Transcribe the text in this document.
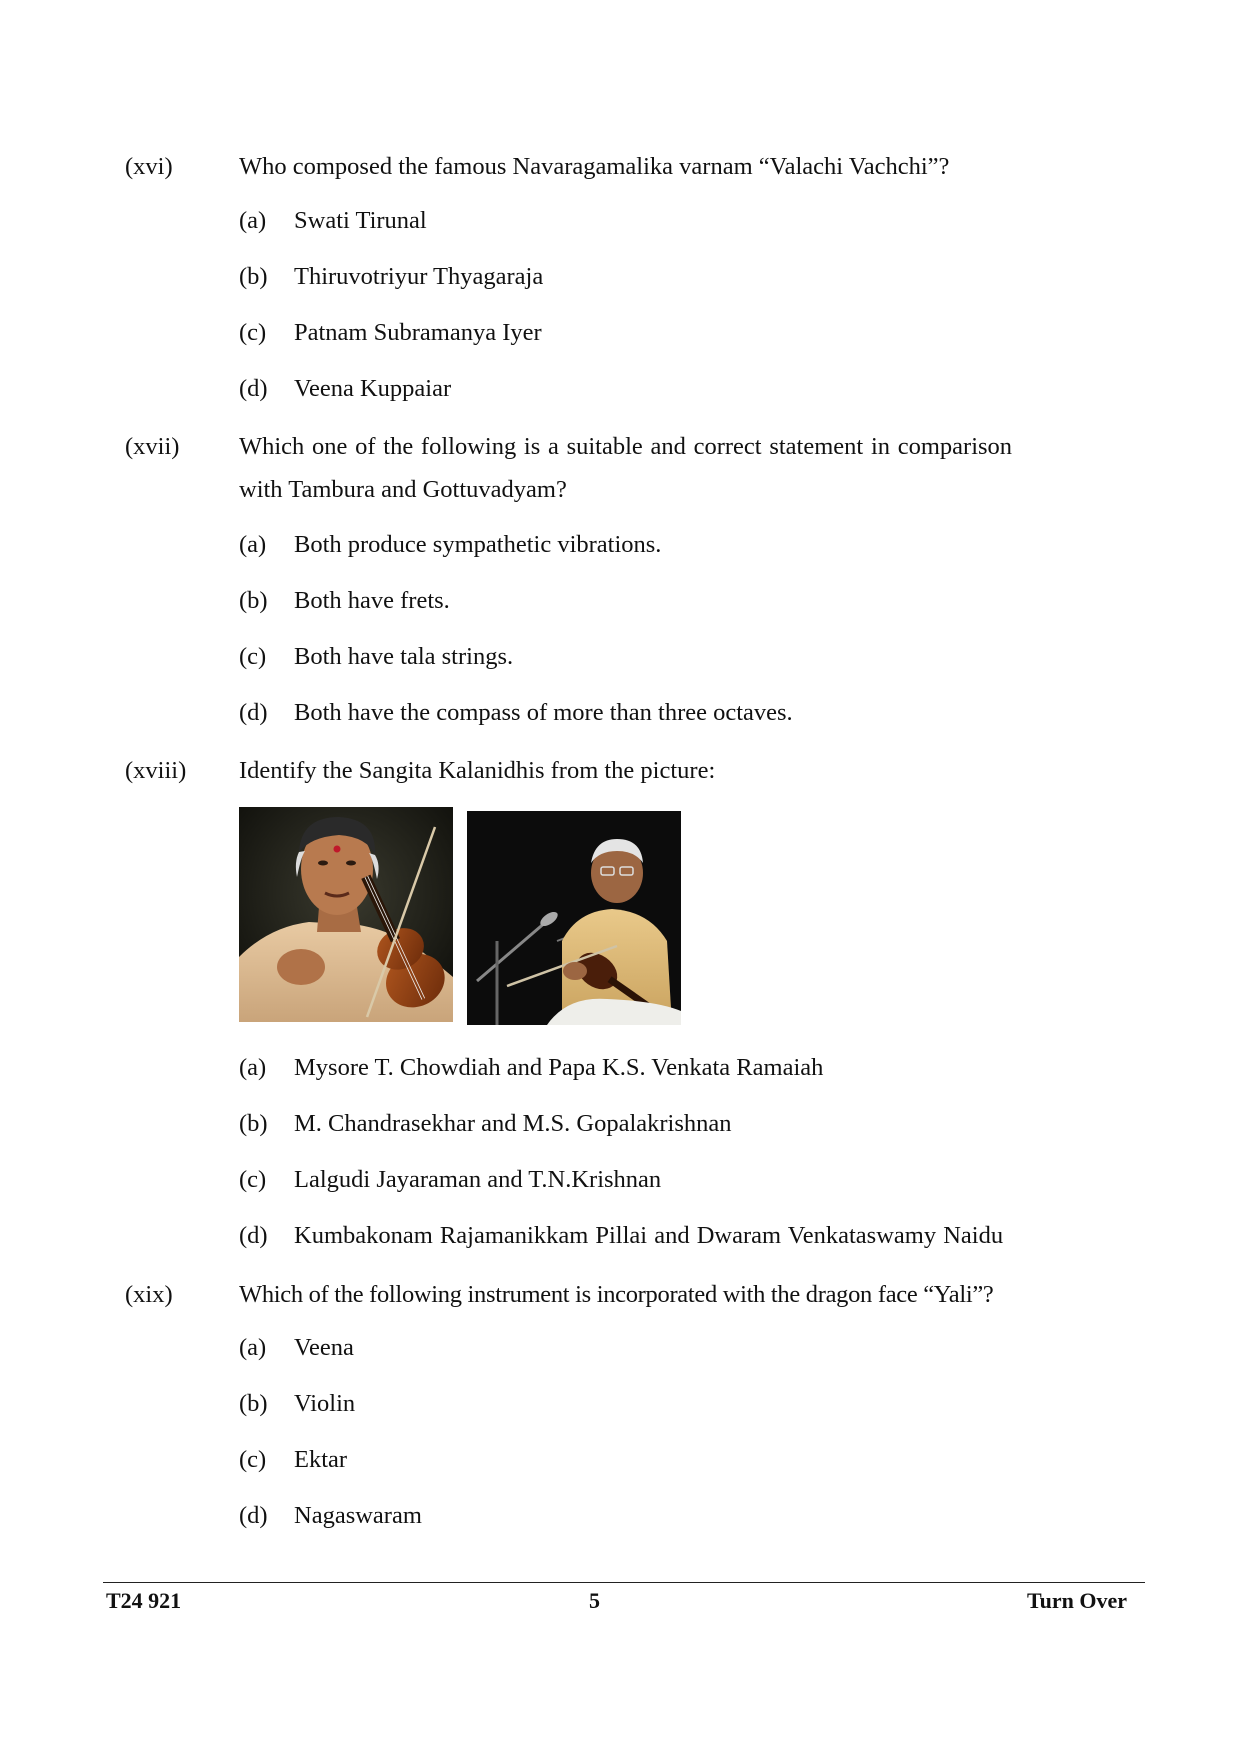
(xvi)	Who composed the famous Navaragamalika varnam “Valachi Vachchi”?
(a) Swati Tirunal
(b) Thiruvotriyur Thyagaraja
(c) Patnam Subramanya Iyer
(d) Veena Kuppaiar
(xvii) Which one of the following is a suitable and correct statement in comparison
with Tambura and Gottuvadyam?
(a) Both produce sympathetic vibrations.
(b) Both have frets.
(c) Both have tala strings.
(d) Both have the compass of more than three octaves.
(xviii) Identify the Sangita Kalanidhis from the picture:
(a) Mysore T. Chowdiah and Papa K.S. Venkata Ramaiah
(b) M. Chandrasekhar and M.S. Gopalakrishnan
(c) Lalgudi Jayaraman and T.N.Krishnan
(d) Kumbakonam Rajamanikkam Pillai and Dwaram Venkataswamy Naidu
(xix)	Which of the following instrument is incorporated with the dragon face “Yali”?
(a) Veena
(b) Violin
(c) Ektar
(d) Nagaswaram
T24 921	5	Turn Over
